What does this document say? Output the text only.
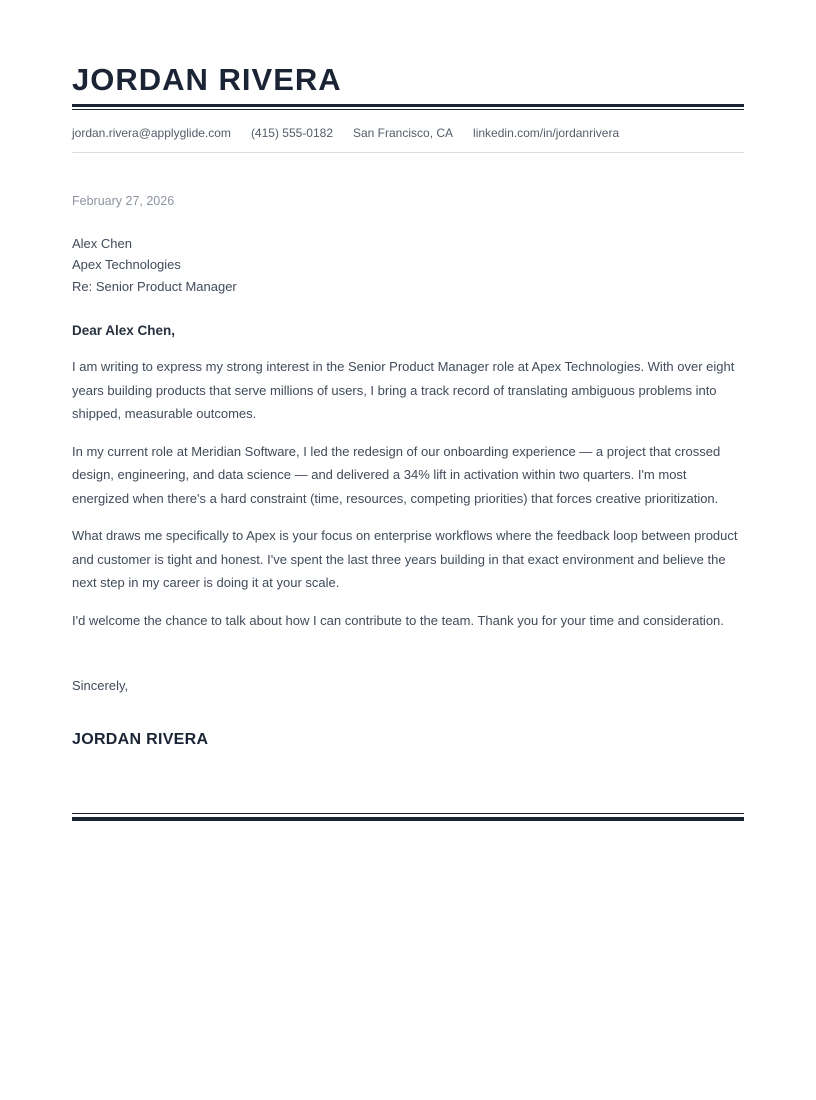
JORDAN RIVERA
jordan.rivera@applyglide.com (415) 555-0182 San Francisco, CA linkedin.com/in/jordanrivera

February 27, 2026

Alex Chen
Apex Technologies
Re: Senior Product Manager

Dear Alex Chen,

I am writing to express my strong interest in the Senior Product Manager role at Apex Technologies. With over eight years building products that serve millions of users, I bring a track record of translating ambiguous problems into shipped, measurable outcomes.

In my current role at Meridian Software, I led the redesign of our onboarding experience — a project that crossed design, engineering, and data science — and delivered a 34% lift in activation within two quarters. I'm most energized when there's a hard constraint (time, resources, competing priorities) that forces creative prioritization.

What draws me specifically to Apex is your focus on enterprise workflows where the feedback loop between product and customer is tight and honest. I've spent the last three years building in that exact environment and believe the next step in my career is doing it at your scale.

I'd welcome the chance to talk about how I can contribute to the team. Thank you for your time and consideration.

Sincerely,

JORDAN RIVERA
